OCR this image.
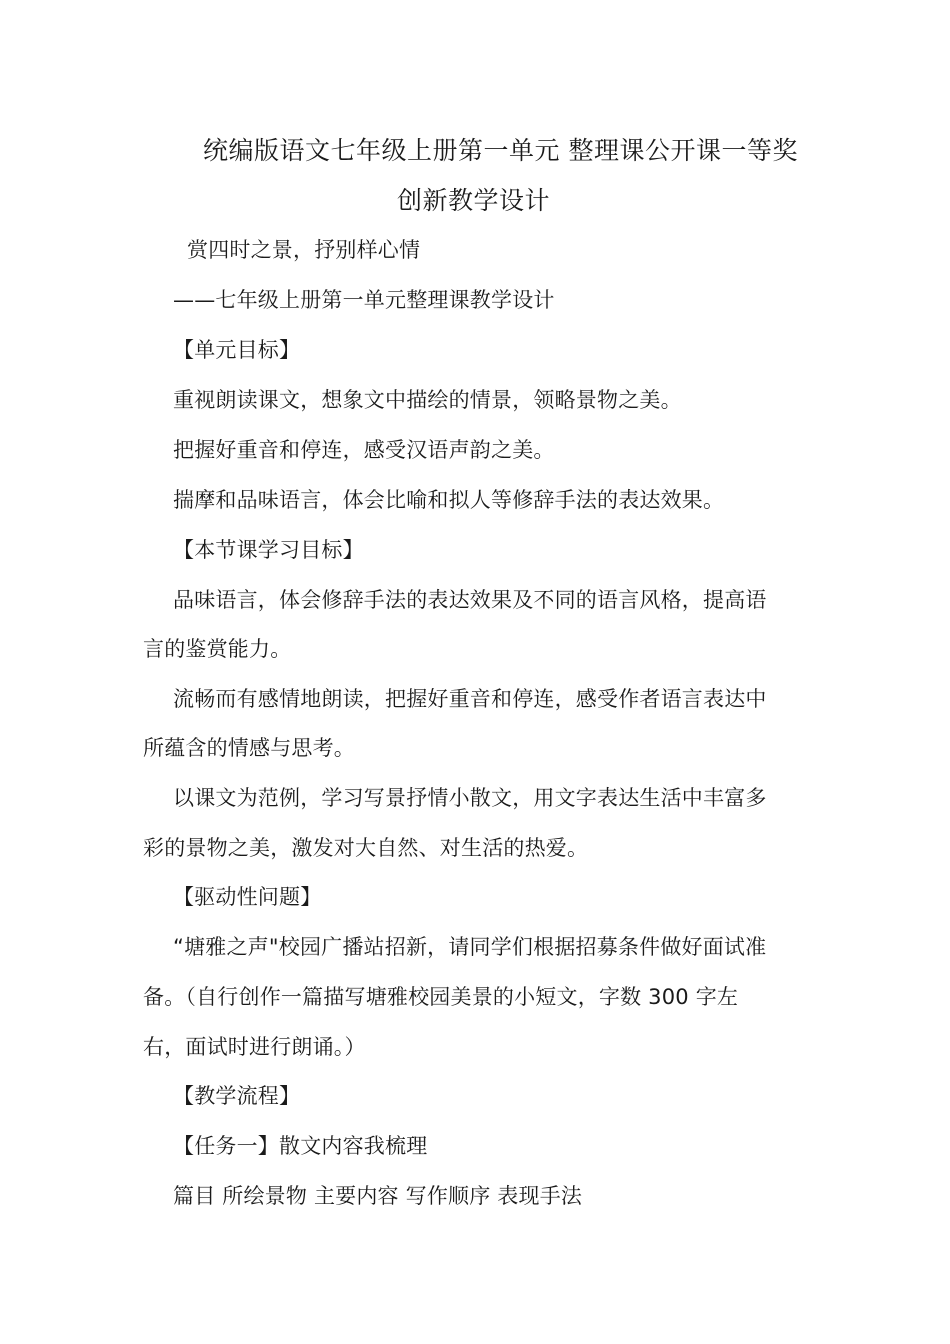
统编版语文七年级上册第一单元 整理课公开课一等奖
创新教学设计
赏四时之景，抒别样心情
——七年级上册第一单元整理课教学设计
【单元目标】
重视朗读课文，想象文中描绘的情景，领略景物之美。
把握好重音和停连，感受汉语声韵之美。
揣摩和品味语言，体会比喻和拟人等修辞手法的表达效果。
【本节课学习目标】
品味语言，体会修辞手法的表达效果及不同的语言风格，提高语
言的鉴赏能力。
流畅而有感情地朗读，把握好重音和停连，感受作者语言表达中
所蕴含的情感与思考。
以课文为范例，学习写景抒情小散文，用文字表达生活中丰富多
彩的景物之美，激发对大自然、对生活的热爱。
【驱动性问题】
“塘雅之声"校园广播站招新，请同学们根据招募条件做好面试准
备。（自行创作一篇描写塘雅校园美景的小短文，字数 300 字左
右，面试时进行朗诵。）
【教学流程】
【任务一】散文内容我梳理
篇目 所绘景物 主要内容 写作顺序 表现手法
